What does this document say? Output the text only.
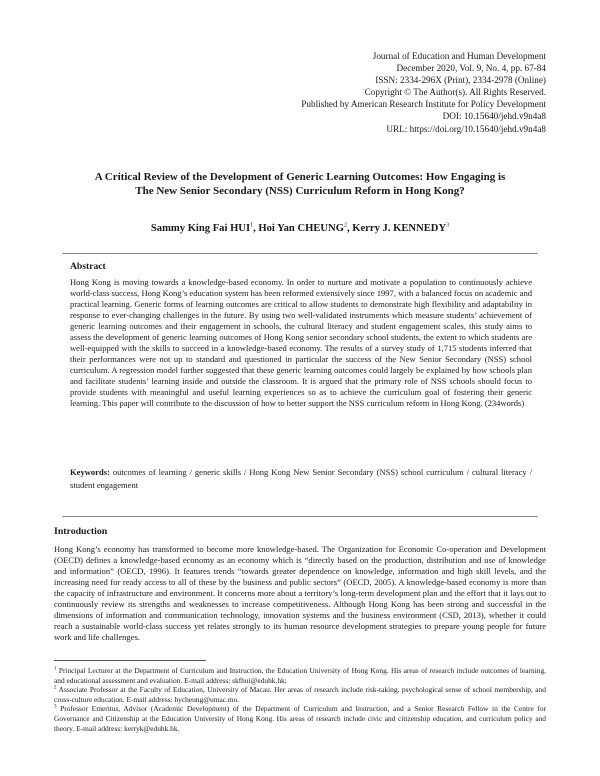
Journal of Education and Human Development
December 2020, Vol. 9, No. 4, pp. 67-84
ISSN: 2334-296X (Print), 2334-2978 (Online)
Copyright © The Author(s). All Rights Reserved.
Published by American Research Institute for Policy Development
DOI: 10.15640/jehd.v9n4a8
URL: https://doi.org/10.15640/jehd.v9n4a8
A Critical Review of the Development of Generic Learning Outcomes: How Engaging is
The New Senior Secondary (NSS) Curriculum Reform in Hong Kong?
Sammy King Fai HUI$^1$, Hoi Yan CHEUNG$^2$, Kerry J. KENNEDY$^3$
Abstract
Hong Kong is moving towards a knowledge-based economy. In order to nurture and motivate a population to continuously achieve world-class success, Hong Kong’s education system has been reformed extensively since 1997, with a balanced focus on academic and practical learning. Generic forms of learning outcomes are critical to allow students to demonstrate high flexibility and adaptability in response to ever-changing challenges in the future. By using two well-validated instruments which measure students’ achievement of generic learning outcomes and their engagement in schools, the cultural literacy and student engagement scales, this study aims to assess the development of generic learning outcomes of Hong Kong senior secondary school students, the extent to which students are well-equipped with the skills to succeed in a knowledge-based economy. The results of a survey study of 1,715 students inferred that their performances were not up to standard and questioned in particular the success of the New Senior Secondary (NSS) school curriculum. A regression model further suggested that these generic learning outcomes could largely be explained by how schools plan and facilitate students’ learning inside and outside the classroom. It is argued that the primary role of NSS schools should focus to provide students with meaningful and useful learning experiences so as to achieve the curriculum goal of fostering their generic learning. This paper will contribute to the discussion of how to better support the NSS curriculum reform in Hong Kong. (234words)
Keywords: outcomes of learning / generic skills / Hong Kong New Senior Secondary (NSS) school curriculum / cultural literacy / student engagement
Introduction
Hong Kong’s economy has transformed to become more knowledge-based. The Organization for Economic Co-operation and Development (OECD) defines a knowledge-based economy as an economy which is “directly based on the production, distribution and use of knowledge and information” (OECD, 1996). It features trends “towards greater dependence on knowledge, information and high skill levels, and the increasing need for ready access to all of these by the business and public sectors” (OECD, 2005). A knowledge-based economy is more than the capacity of infrastructure and environment. It concerns more about a territory’s long-term development plan and the effort that it lays out to continuously review its strengths and weaknesses to increase competitiveness. Although Hong Kong has been strong and successful in the dimensions of information and communication technology, innovation systems and the business environment (CSD, 2013), whether it could reach a sustainable world-class success yet relates strongly to its human resource development strategies to prepare young people for future work and life challenges.

$^1$ Principal Lecturer at the Department of Curriculum and Instruction, the Education University of Hong Kong. His areas of research include outcomes of learning, and educational assessment and evaluation. E-mail address: skfhui@eduhk.hk;

$^2$ Associate Professor at the Faculty of Education, University of Macau. Her areas of research include risk-taking, psychological sense of school membership, and cross-culture education. E-mail address: hycheung@umac.mo.

$^3$ Professor Emeritus, Advisor (Academic Development) of the Department of Curriculum and Instruction, and a Senior Research Fellow in the Centre for Governance and Citizenship at the Education University of Hong Kong. His areas of research include civic and citizenship education, and curriculum policy and theory. E-mail address: kerryk@eduhk.hk.
